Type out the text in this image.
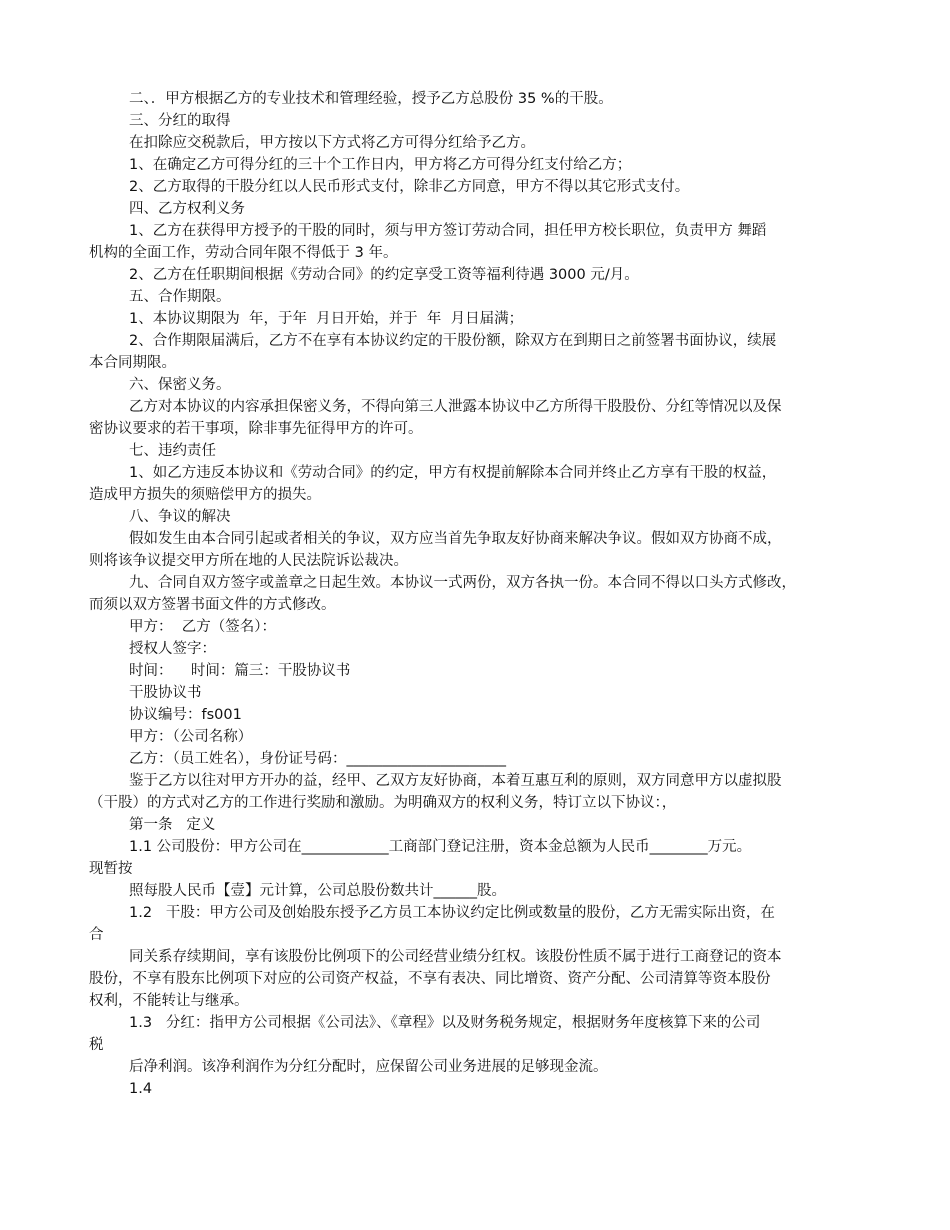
二、．甲方根据乙方的专业技术和管理经验，授予乙方总股份 35 %的干股。
三、分红的取得
在扣除应交税款后，甲方按以下方式将乙方可得分红给予乙方。
1、在确定乙方可得分红的三十个工作日内，甲方将乙方可得分红支付给乙方；
2、乙方取得的干股分红以人民币形式支付，除非乙方同意，甲方不得以其它形式支付。
四、乙方权利义务
1、乙方在获得甲方授予的干股的同时，须与甲方签订劳动合同，担任甲方校长职位，负责甲方 舞蹈
机构的全面工作，劳动合同年限不得低于 3 年。
2、乙方在任职期间根据《劳动合同》的约定享受工资等福利待遇 3000 元/月。
五、合作期限。
1、本协议期限为  年，于年  月日开始，并于  年  月日届满；
2、合作期限届满后，乙方不在享有本协议约定的干股份额，除双方在到期日之前签署书面协议，续展
本合同期限。
六、保密义务。
乙方对本协议的内容承担保密义务，不得向第三人泄露本协议中乙方所得干股股份、分红等情况以及保
密协议要求的若干事项，除非事先征得甲方的许可。
七、违约责任
1、如乙方违反本协议和《劳动合同》的约定，甲方有权提前解除本合同并终止乙方享有干股的权益，
造成甲方损失的须赔偿甲方的损失。
八、争议的解决
假如发生由本合同引起或者相关的争议，双方应当首先争取友好协商来解决争议。假如双方协商不成，
则将该争议提交甲方所在地的人民法院诉讼裁决。
九、合同自双方签字或盖章之日起生效。本协议一式两份，双方各执一份。本合同不得以口头方式修改，
而须以双方签署书面文件的方式修改。
甲方：  乙方（签名）：
授权人签字：
时间：    时间：篇三：干股协议书
干股协议书
协议编号：fs001
甲方：（公司名称）
乙方：（员工姓名），身份证号码：______________________
鉴于乙方以往对甲方开办的益，经甲、乙双方友好协商，本着互惠互利的原则，双方同意甲方以虚拟股
（干股）的方式对乙方的工作进行奖励和激励。为明确双方的权利义务，特订立以下协议：，
第一条   定义
1.1 公司股份：甲方公司在____________工商部门登记注册，资本金总额为人民币________万元。
现暂按
照每股人民币【壹】元计算，公司总股份数共计______股。
1.2   干股：甲方公司及创始股东授予乙方员工本协议约定比例或数量的股份，乙方无需实际出资，在
合
同关系存续期间，享有该股份比例项下的公司经营业绩分红权。该股份性质不属于进行工商登记的资本
股份，不享有股东比例项下对应的公司资产权益，不享有表决、同比增资、资产分配、公司清算等资本股份
权利，不能转让与继承。
1.3   分红：指甲方公司根据《公司法》、《章程》以及财务税务规定，根据财务年度核算下来的公司
税
后净利润。该净利润作为分红分配时，应保留公司业务进展的足够现金流。
1.4
